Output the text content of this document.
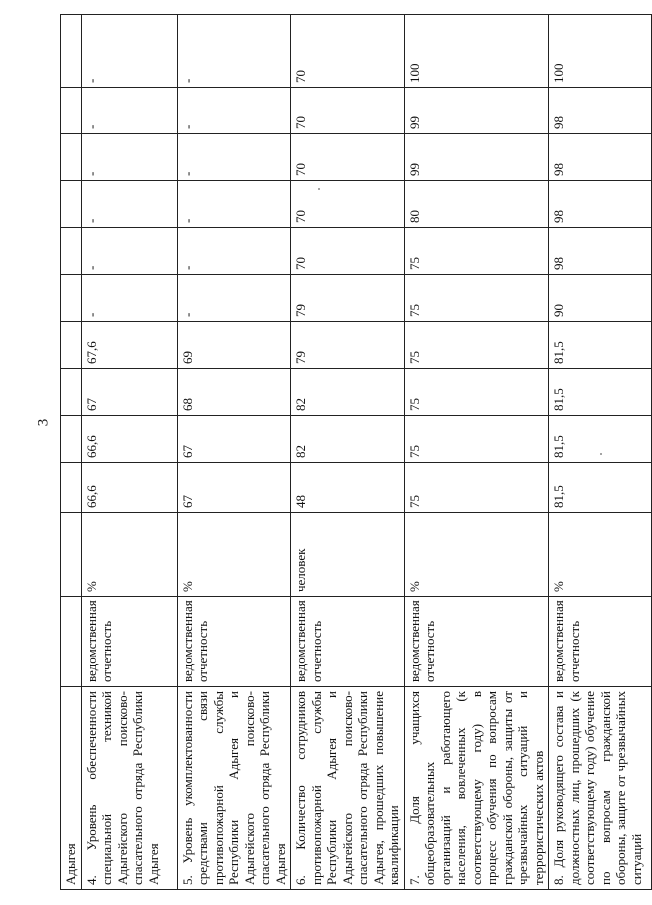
3
Адыгея												
4. Уровень обеспеченности специальной техникой Адыгейского поисково-спасательного отряда Республики Адыгея	ведомственная отчетность	%	66,6	66,6	67	67,6	-	-	-	-	-	-
5. Уровень укомплектованности средствами связи противопожарной службы Республики Адыгея и Адыгейского поисково-спасательного отряда Республики Адыгея	ведомственная отчетность	%	67	67	68	69	-	-	-	-	-	-
6. Количество сотрудников противопожарной службы Республики Адыгея и Адыгейского поисково-спасательного отряда Республики Адыгея, прошедших повышение квалификации	ведомственная отчетность	человек	48	82	82	79	79	70	70	70	70	70
7. Доля учащихся общеобразовательных организаций и работающего населения, вовлеченных (к соответствующему году) в процесс обучения по вопросам гражданской обороны, защиты от чрезвычайных ситуаций и террористических актов	ведомственная отчетность	%	75	75	75	75	75	75	80	99	99	100
8. Доля руководящего состава и должностных лиц, прошедших (к соответствующему году) обучение по вопросам гражданской обороны, защите от чрезвычайных ситуаций	ведомственная отчетность	%	81,5	81,5	81,5	81,5	90	98	98	98	98	100
